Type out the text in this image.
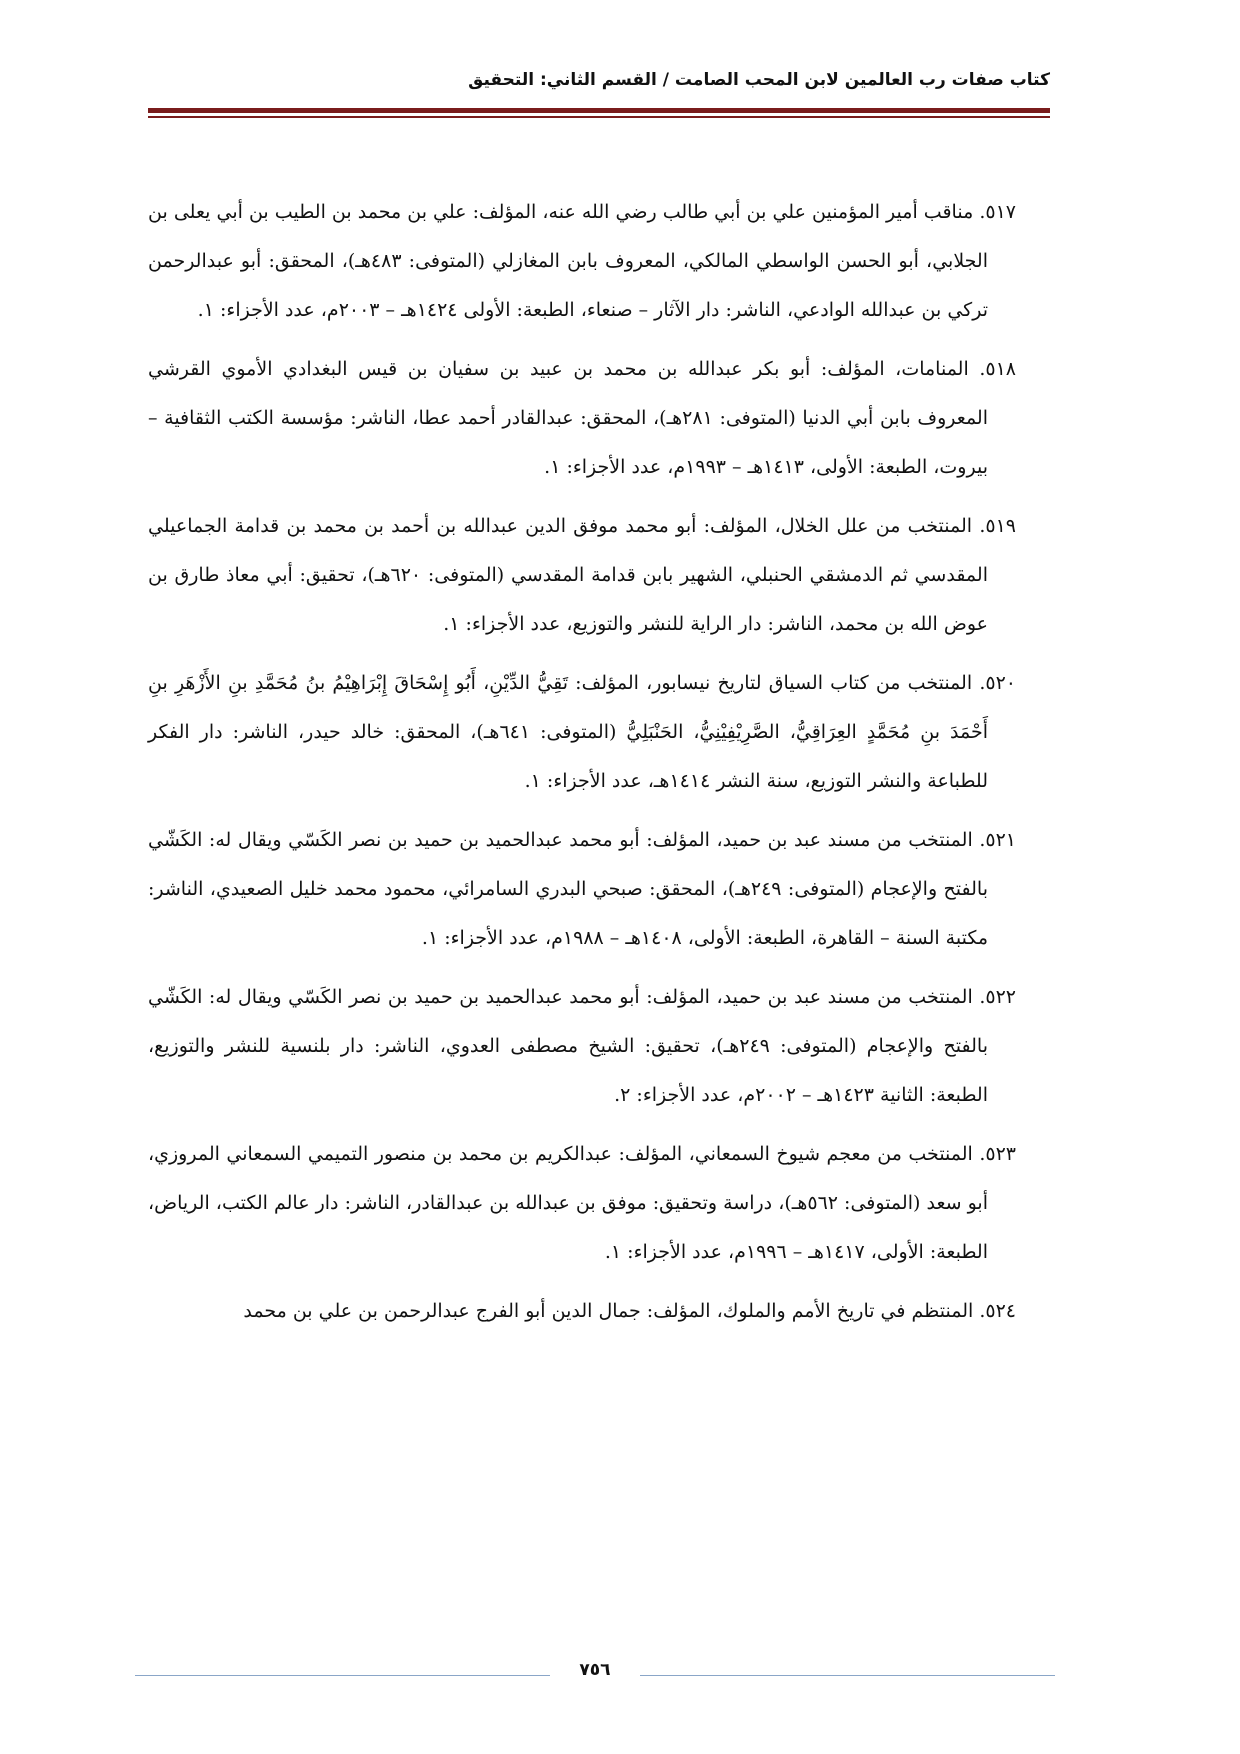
كتاب صفات رب العالمين لابن المحب الصامت / القسم الثاني: التحقيق

٥١٧. مناقب أمير المؤمنين علي بن أبي طالب رضي الله عنه، المؤلف: علي بن محمد بن الطيب بن أبي يعلى بن الجلابي، أبو الحسن الواسطي المالكي، المعروف بابن المغازلي (المتوفى: ٤٨٣هـ)، المحقق: أبو عبدالرحمن تركي بن عبدالله الوادعي، الناشر: دار الآثار – صنعاء، الطبعة: الأولى ١٤٢٤هـ – ٢٠٠٣م، عدد الأجزاء: ١.

٥١٨. المنامات، المؤلف: أبو بكر عبدالله بن محمد بن عبيد بن سفيان بن قيس البغدادي الأموي القرشي المعروف بابن أبي الدنيا (المتوفى: ٢٨١هـ)، المحقق: عبدالقادر أحمد عطا، الناشر: مؤسسة الكتب الثقافية – بيروت، الطبعة: الأولى، ١٤١٣هـ – ١٩٩٣م، عدد الأجزاء: ١.

٥١٩. المنتخب من علل الخلال، المؤلف: أبو محمد موفق الدين عبدالله بن أحمد بن محمد بن قدامة الجماعيلي المقدسي ثم الدمشقي الحنبلي، الشهير بابن قدامة المقدسي (المتوفى: ٦٢٠هـ)، تحقيق: أبي معاذ طارق بن عوض الله بن محمد، الناشر: دار الراية للنشر والتوزيع، عدد الأجزاء: ١.

٥٢٠. المنتخب من كتاب السياق لتاريخ نيسابور، المؤلف: تَقِيُّ الدِّيْنِ، أَبُو إِسْحَاقَ إِبْرَاهِيْمُ بنُ مُحَمَّدِ بنِ الأَزْهَرِ بنِ أَحْمَدَ بنِ مُحَمَّدٍ العِرَاقِيُّ، الصَّرِيْفِيْنِيُّ، الحَنْبَلِيُّ (المتوفى: ٦٤١هـ)، المحقق: خالد حيدر، الناشر: دار الفكر للطباعة والنشر التوزيع، سنة النشر ١٤١٤هـ، عدد الأجزاء: ١.

٥٢١. المنتخب من مسند عبد بن حميد، المؤلف: أبو محمد عبدالحميد بن حميد بن نصر الكَسّي ويقال له: الكَشّي بالفتح والإعجام (المتوفى: ٢٤٩هـ)، المحقق: صبحي البدري السامرائي، محمود محمد خليل الصعيدي، الناشر: مكتبة السنة – القاهرة، الطبعة: الأولى، ١٤٠٨هـ – ١٩٨٨م، عدد الأجزاء: ١.

٥٢٢. المنتخب من مسند عبد بن حميد، المؤلف: أبو محمد عبدالحميد بن حميد بن نصر الكَسّي ويقال له: الكَشّي بالفتح والإعجام (المتوفى: ٢٤٩هـ)، تحقيق: الشيخ مصطفى العدوي، الناشر: دار بلنسية للنشر والتوزيع، الطبعة: الثانية ١٤٢٣هـ – ٢٠٠٢م، عدد الأجزاء: ٢.

٥٢٣. المنتخب من معجم شيوخ السمعاني، المؤلف: عبدالكريم بن محمد بن منصور التميمي السمعاني المروزي، أبو سعد (المتوفى: ٥٦٢هـ)، دراسة وتحقيق: موفق بن عبدالله بن عبدالقادر، الناشر: دار عالم الكتب، الرياض، الطبعة: الأولى، ١٤١٧هـ – ١٩٩٦م، عدد الأجزاء: ١.

٥٢٤. المنتظم في تاريخ الأمم والملوك، المؤلف: جمال الدين أبو الفرج عبدالرحمن بن علي بن محمد

٧٥٦
